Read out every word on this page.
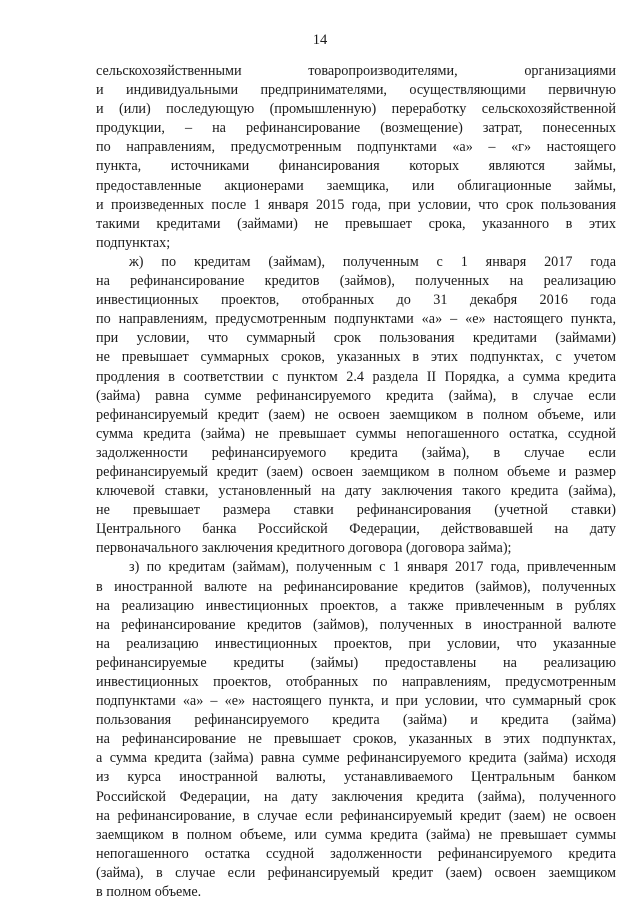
14
сельскохозяйственными товаропроизводителями, организациями
и индивидуальными предпринимателями, осуществляющими первичную
и (или) последующую (промышленную) переработку сельскохозяйственной
продукции, – на рефинансирование (возмещение) затрат, понесенных
по направлениям, предусмотренным подпунктами «а» – «г» настоящего
пункта, источниками финансирования которых являются займы,
предоставленные акционерами заемщика, или облигационные займы,
и произведенных после 1 января 2015 года, при условии, что срок пользования
такими кредитами (займами) не превышает срока, указанного в этих
подпунктах;
ж) по кредитам (займам), полученным с 1 января 2017 года
на рефинансирование кредитов (займов), полученных на реализацию
инвестиционных проектов, отобранных до 31 декабря 2016 года
по направлениям, предусмотренным подпунктами «а» – «е» настоящего пункта,
при условии, что суммарный срок пользования кредитами (займами)
не превышает суммарных сроков, указанных в этих подпунктах, с учетом
продления в соответствии с пунктом 2.4 раздела II Порядка, а сумма кредита
(займа) равна сумме рефинансируемого кредита (займа), в случае если
рефинансируемый кредит (заем) не освоен заемщиком в полном объеме, или
сумма кредита (займа) не превышает суммы непогашенного остатка, ссудной
задолженности рефинансируемого кредита (займа), в случае если
рефинансируемый кредит (заем) освоен заемщиком в полном объеме и размер
ключевой ставки, установленный на дату заключения такого кредита (займа),
не превышает размера ставки рефинансирования (учетной ставки)
Центрального банка Российской Федерации, действовавшей на дату
первоначального заключения кредитного договора (договора займа);
з) по кредитам (займам), полученным с 1 января 2017 года, привлеченным
в иностранной валюте на рефинансирование кредитов (займов), полученных
на реализацию инвестиционных проектов, а также привлеченным в рублях
на рефинансирование кредитов (займов), полученных в иностранной валюте
на реализацию инвестиционных проектов, при условии, что указанные
рефинансируемые кредиты (займы) предоставлены на реализацию
инвестиционных проектов, отобранных по направлениям, предусмотренным
подпунктами «а» – «е» настоящего пункта, и при условии, что суммарный срок
пользования рефинансируемого кредита (займа) и кредита (займа)
на рефинансирование не превышает сроков, указанных в этих подпунктах,
а сумма кредита (займа) равна сумме рефинансируемого кредита (займа) исходя
из курса иностранной валюты, устанавливаемого Центральным банком
Российской Федерации, на дату заключения кредита (займа), полученного
на рефинансирование, в случае если рефинансируемый кредит (заем) не освоен
заемщиком в полном объеме, или сумма кредита (займа) не превышает суммы
непогашенного остатка ссудной задолженности рефинансируемого кредита
(займа), в случае если рефинансируемый кредит (заем) освоен заемщиком
в полном объеме.
